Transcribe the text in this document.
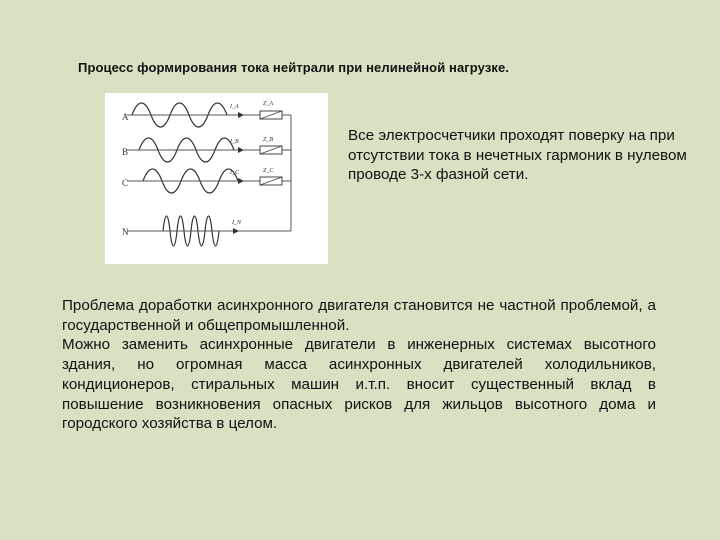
Процесс формирования тока нейтрали при нелинейной нагрузке.
A
B
C
N
I_A
I_B
I_C
I_N
Z_A
Z_B
Z_C
Все электросчетчики проходят поверку на при отсутствии тока в нечетных гармоник в нулевом проводе 3-х фазной сети.

Проблема доработки асинхронного двигателя становится не частной проблемой, а государственной и общепромышленной.

Можно заменить асинхронные двигатели в инженерных системах высотного здания, но огромная масса асинхронных двигателей холодильников, кондиционеров, стиральных машин и.т.п. вносит существенный вклад в повышение возникновения опасных рисков для жильцов высотного дома и городского хозяйства в целом.
